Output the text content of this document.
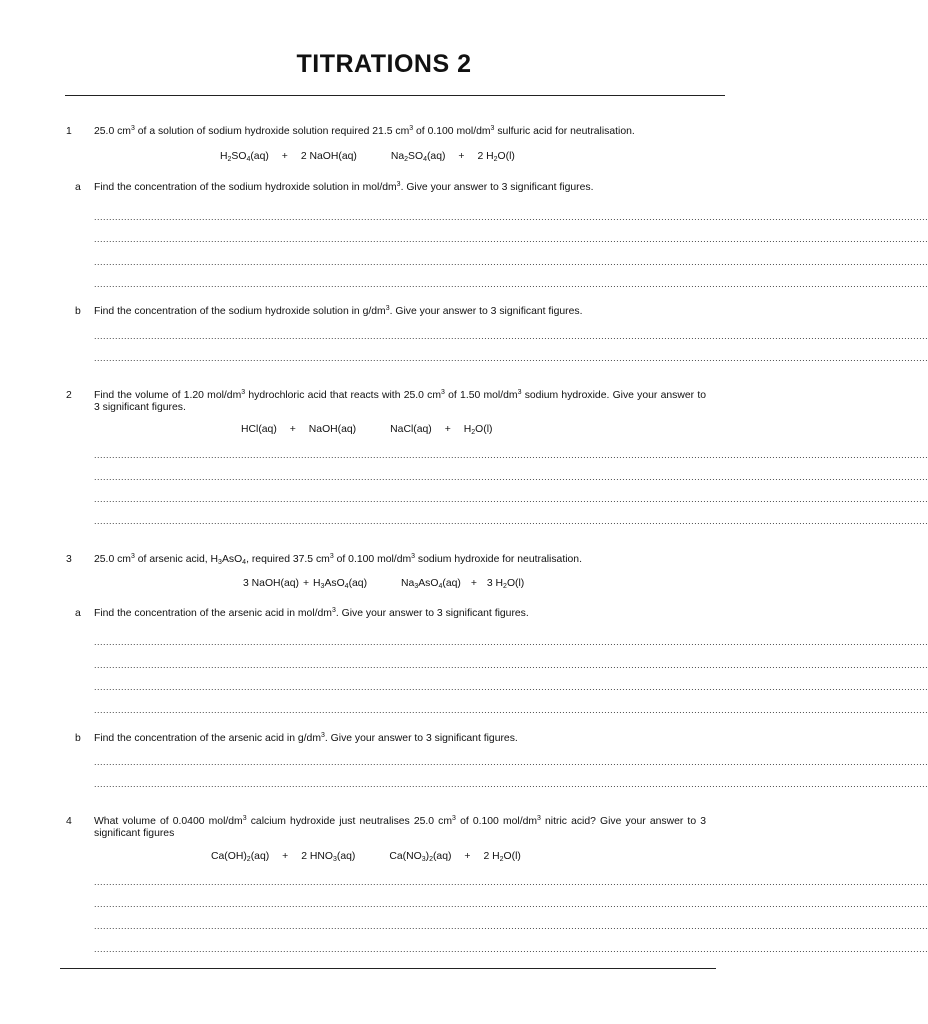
TITRATIONS 2
1 25.0 $cm^3$ of a solution of sodium hydroxide solution required 21.5 $cm^3$ of 0.100 mol/$dm^3$ sulfuric acid for neutralisation.
$H_2SO_4(aq) + 2$ NaOH(aq)	$Na_2SO_4(aq) + 2$ $H_2O(l)$
a Find the concentration of the sodium hydroxide solution in mol/$dm^3$. Give your answer to 3 significant figures.
......................................................................................................................................................................................................................................................................................
......................................................................................................................................................................................................................................................................................
......................................................................................................................................................................................................................................................................................
......................................................................................................................................................................................................................................................................................
b Find the concentration of the sodium hydroxide solution in $g/dm^3$. Give your answer to 3 significant figures.
......................................................................................................................................................................................................................................................................................
......................................................................................................................................................................................................................................................................................
2 Find the volume of 1.20 mol/$dm^3$ hydrochloric acid that reacts with 25.0 $cm^3$ of 1.50 mol/$dm^3$ sodium hydroxide. Give your answer to 3 significant figures.
HCl(aq) + NaOH(aq)	NaCl(aq) + $H_2O(l)$
......................................................................................................................................................................................................................................................................................
......................................................................................................................................................................................................................................................................................
......................................................................................................................................................................................................................................................................................
......................................................................................................................................................................................................................................................................................
3 25.0 $cm^3$ of arsenic acid, $H_3AsO_4$, required 37.5 $cm^3$ of 0.100 mol/$dm^3$ sodium hydroxide for neutralisation.
3 NaOH(aq) + $H_3AsO_4(aq)$	$Na_3AsO_4(aq) + 3$ $H_2O(l)$
a Find the concentration of the arsenic acid in mol/$dm^3$. Give your answer to 3 significant figures.
......................................................................................................................................................................................................................................................................................
......................................................................................................................................................................................................................................................................................
......................................................................................................................................................................................................................................................................................
......................................................................................................................................................................................................................................................................................
b Find the concentration of the arsenic acid in $g/dm^3$. Give your answer to 3 significant figures.
......................................................................................................................................................................................................................................................................................
......................................................................................................................................................................................................................................................................................
4 What volume of 0.0400 mol/$dm^3$ calcium hydroxide just neutralises 25.0 $cm^3$ of 0.100 mol/$dm^3$ nitric acid? Give your answer to 3 significant figures
$Ca(OH)_2(aq) + 2$ $HNO_3(aq)$	$Ca(NO_3)_2(aq) + 2$ $H_2O(l)$
......................................................................................................................................................................................................................................................................................
......................................................................................................................................................................................................................................................................................
......................................................................................................................................................................................................................................................................................
......................................................................................................................................................................................................................................................................................
